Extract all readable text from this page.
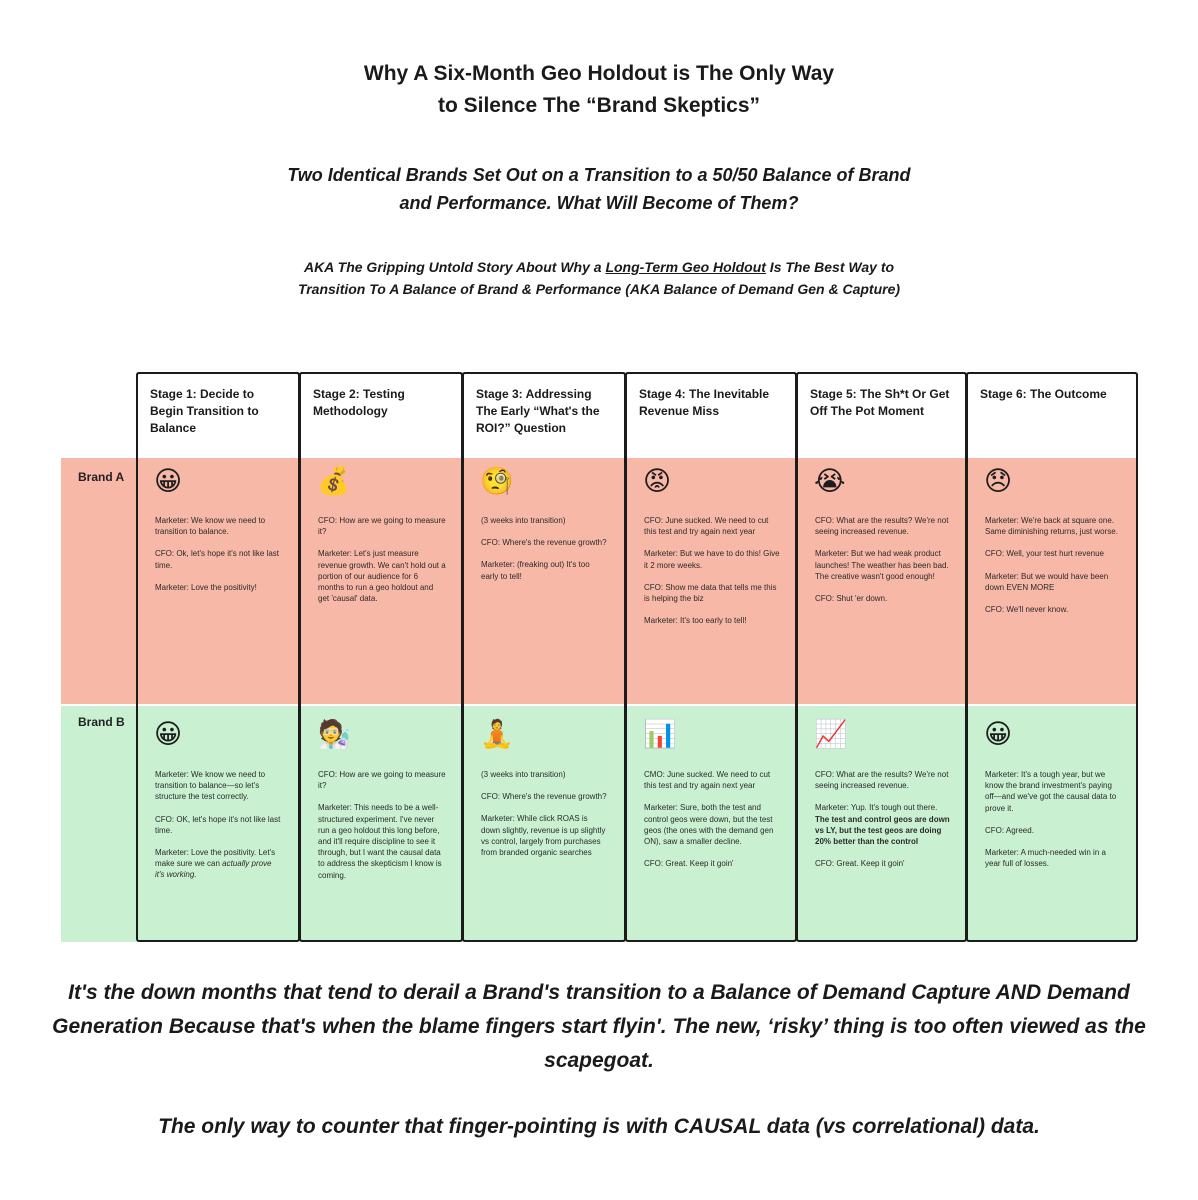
Why A Six-Month Geo Holdout is The Only Way
to Silence The “Brand Skeptics”
Two Identical Brands Set Out on a Transition to a 50/50 Balance of Brand
and Performance. What Will Become of Them?
AKA The Gripping Untold Story About Why a Long-Term Geo Holdout Is The Best Way to
Transition To A Balance of Brand & Performance (AKA Balance of Demand Gen & Capture)
Brand A
Brand B
Stage 1: Decide to Begin Transition to Balance
😀

Marketer: We know we need to transition to balance.

CFO: Ok, let's hope it's not like last time.

Marketer: Love the positivity!

😀

Marketer: We know we need to transition to balance—so let's structure the test correctly.

CFO: OK, let's hope it's not like last time.

Marketer: Love the positivity. Let's make sure we can actually prove it's working.

Stage 2: Testing Methodology
💰

CFO: How are we going to measure it?

Marketer: Let's just measure revenue growth. We can't hold out a portion of our audience for 6 months to run a geo holdout and get 'causal' data.

🧑‍🔬

CFO: How are we going to measure it?

Marketer: This needs to be a well-structured experiment. I've never run a geo holdout this long before, and it'll require discipline to see it through, but I want the causal data to address the skepticism I know is coming.

Stage 3: Addressing The Early “What's the ROI?” Question
🧐

(3 weeks into transition)

CFO: Where's the revenue growth?

Marketer: (freaking out) It's too early to tell!

🧘

(3 weeks into transition)

CFO: Where's the revenue growth?

Marketer: While click ROAS is down slightly, revenue is up slightly vs control, largely from purchases from branded organic searches

Stage 4: The Inevitable Revenue Miss
😡

CFO: June sucked. We need to cut this test and try again next year

Marketer: But we have to do this! Give it 2 more weeks.

CFO: Show me data that tells me this is helping the biz

Marketer: It's too early to tell!

📊

CMO: June sucked. We need to cut this test and try again next year

Marketer: Sure, both the test and control geos were down, but the test geos (the ones with the demand gen ON), saw a smaller decline.

CFO: Great. Keep it goin'

Stage 5: The Sh*t Or Get Off The Pot Moment
😭

CFO: What are the results? We're not seeing increased revenue.

Marketer: But we had weak product launches! The weather has been bad. The creative wasn't good enough!

CFO: Shut 'er down.

📈

CFO: What are the results? We're not seeing increased revenue.

Marketer: Yup. It's tough out there. The test and control geos are down vs LY, but the test geos are doing 20% better than the control

CFO: Great. Keep it goin'

Stage 6: The Outcome
😞

Marketer: We're back at square one. Same diminishing returns, just worse.

CFO: Well, your test hurt revenue

Marketer: But we would have been down EVEN MORE

CFO: We'll never know.

😀

Marketer: It's a tough year, but we know the brand investment's paying off—and we've got the causal data to prove it.

CFO: Agreed.

Marketer: A much-needed win in a year full of losses.

It's the down months that tend to derail a Brand's transition to a Balance of Demand Capture AND Demand Generation Because that's when the blame fingers start flyin'. The new, ‘risky’ thing is too often viewed as the scapegoat.
The only way to counter that finger-pointing is with CAUSAL data (vs correlational) data.
